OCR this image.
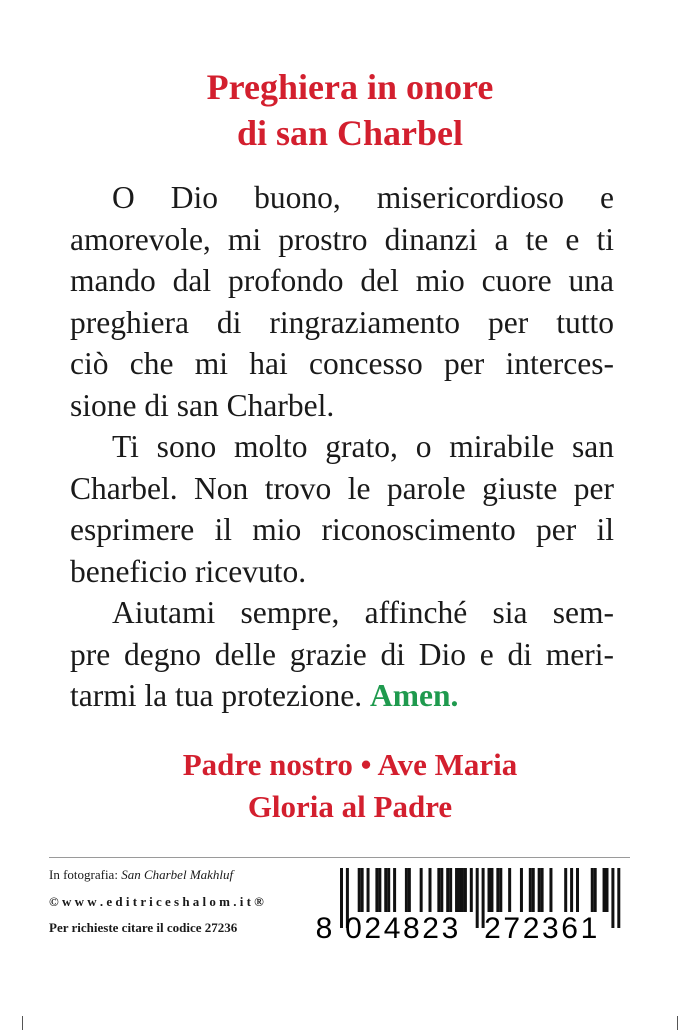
Preghiera in onore
di san Charbel
O Dio buono, misericordioso e
amorevole, mi prostro dinanzi a te e ti
mando dal profondo del mio cuore una
preghiera di ringraziamento per tutto
ciò che mi hai concesso per interces-
sione di san Charbel.
Ti sono molto grato, o mirabile san
Charbel. Non trovo le parole giuste per
esprimere il mio riconoscimento per il
beneficio ricevuto.
Aiutami sempre, affinché sia sem-
pre degno delle grazie di Dio e di meri-
tarmi la tua protezione. Amen.
Padre nostro • Ave Maria
Gloria al Padre
In fotografia: San Charbel Makhluf
© w w w . e d i t r i c e s h a l o m . i t ®
Per richieste citare il codice 27236	8 024823 272361
